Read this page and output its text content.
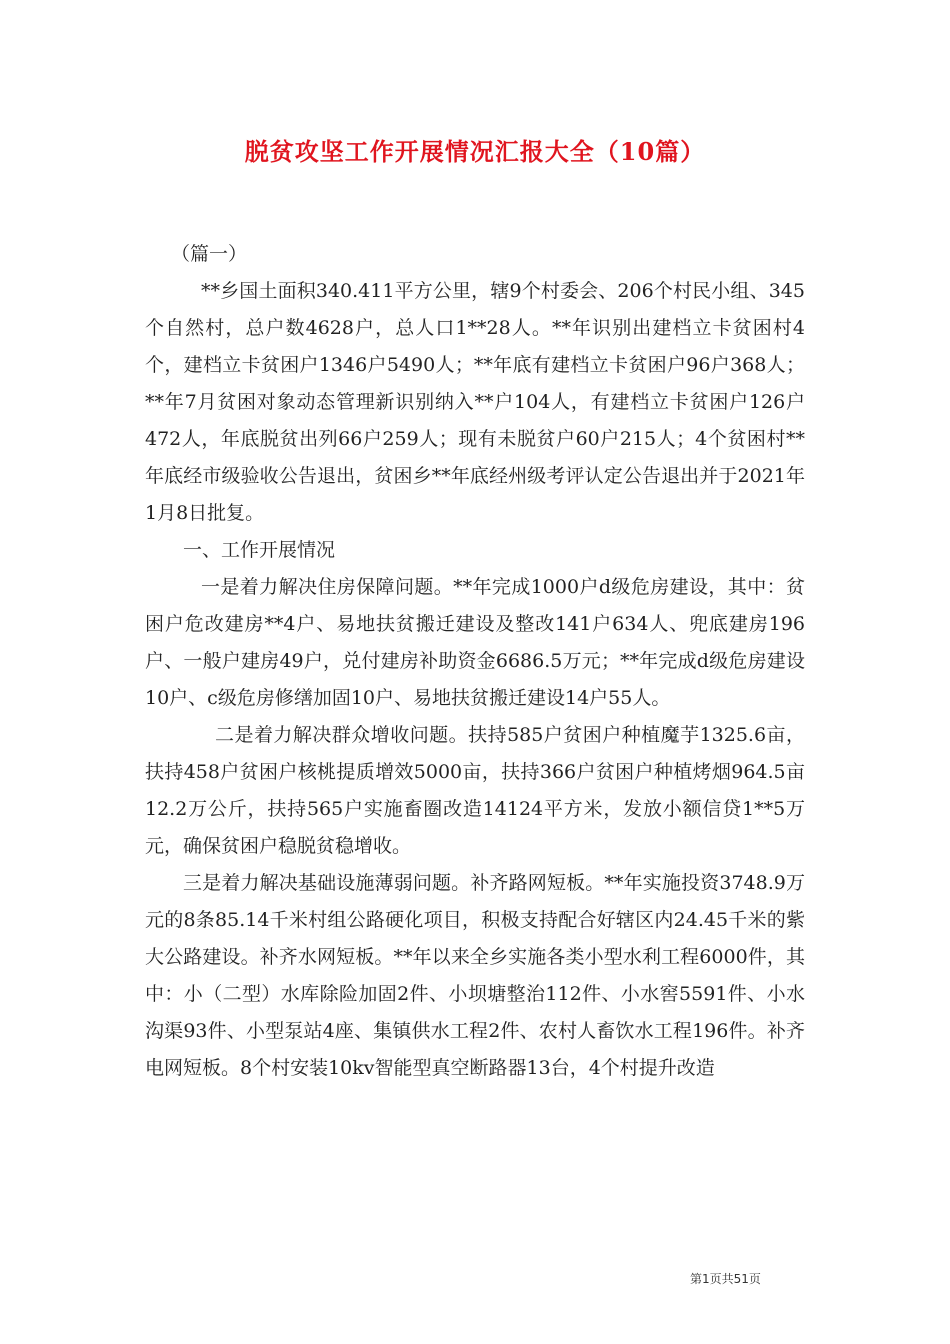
脱贫攻坚工作开展情况汇报大全（10篇）

（篇一）

**乡国土面积340.411平方公里，辖9个村委会、206个村民小组、345个自然村，总户数4628户，总人口1**28人。**年识别出建档立卡贫困村4个，建档立卡贫困户1346户5490人；**年底有建档立卡贫困户96户368人；**年7月贫困对象动态管理新识别纳入**户104人，有建档立卡贫困户126户472人，年底脱贫出列66户259人；现有未脱贫户60户215人；4个贫困村**年底经市级验收公告退出，贫困乡**年底经州级考评认定公告退出并于2021年1月8日批复。

一、工作开展情况

一是着力解决住房保障问题。**年完成1000户d级危房建设，其中：贫困户危改建房**4户、易地扶贫搬迁建设及整改141户634人、兜底建房196户、一般户建房49户，兑付建房补助资金6686.5万元；**年完成d级危房建设10户、c级危房修缮加固10户、易地扶贫搬迁建设14户55人。

二是着力解决群众增收问题。扶持585户贫困户种植魔芋1325.6亩，扶持458户贫困户核桃提质增效5000亩，扶持366户贫困户种植烤烟964.5亩12.2万公斤，扶持565户实施畜圈改造14124平方米，发放小额信贷1**5万元，确保贫困户稳脱贫稳增收。

三是着力解决基础设施薄弱问题。补齐路网短板。**年实施投资3748.9万元的8条85.14千米村组公路硬化项目，积极支持配合好辖区内24.45千米的紫大公路建设。补齐水网短板。**年以来全乡实施各类小型水利工程6000件，其中：小（二型）水库除险加固2件、小坝塘整治112件、小水窖5591件、小水沟渠93件、小型泵站4座、集镇供水工程2件、农村人畜饮水工程196件。补齐电网短板。8个村安装10kv智能型真空断路器13台，4个村提升改造

第1页共51页
